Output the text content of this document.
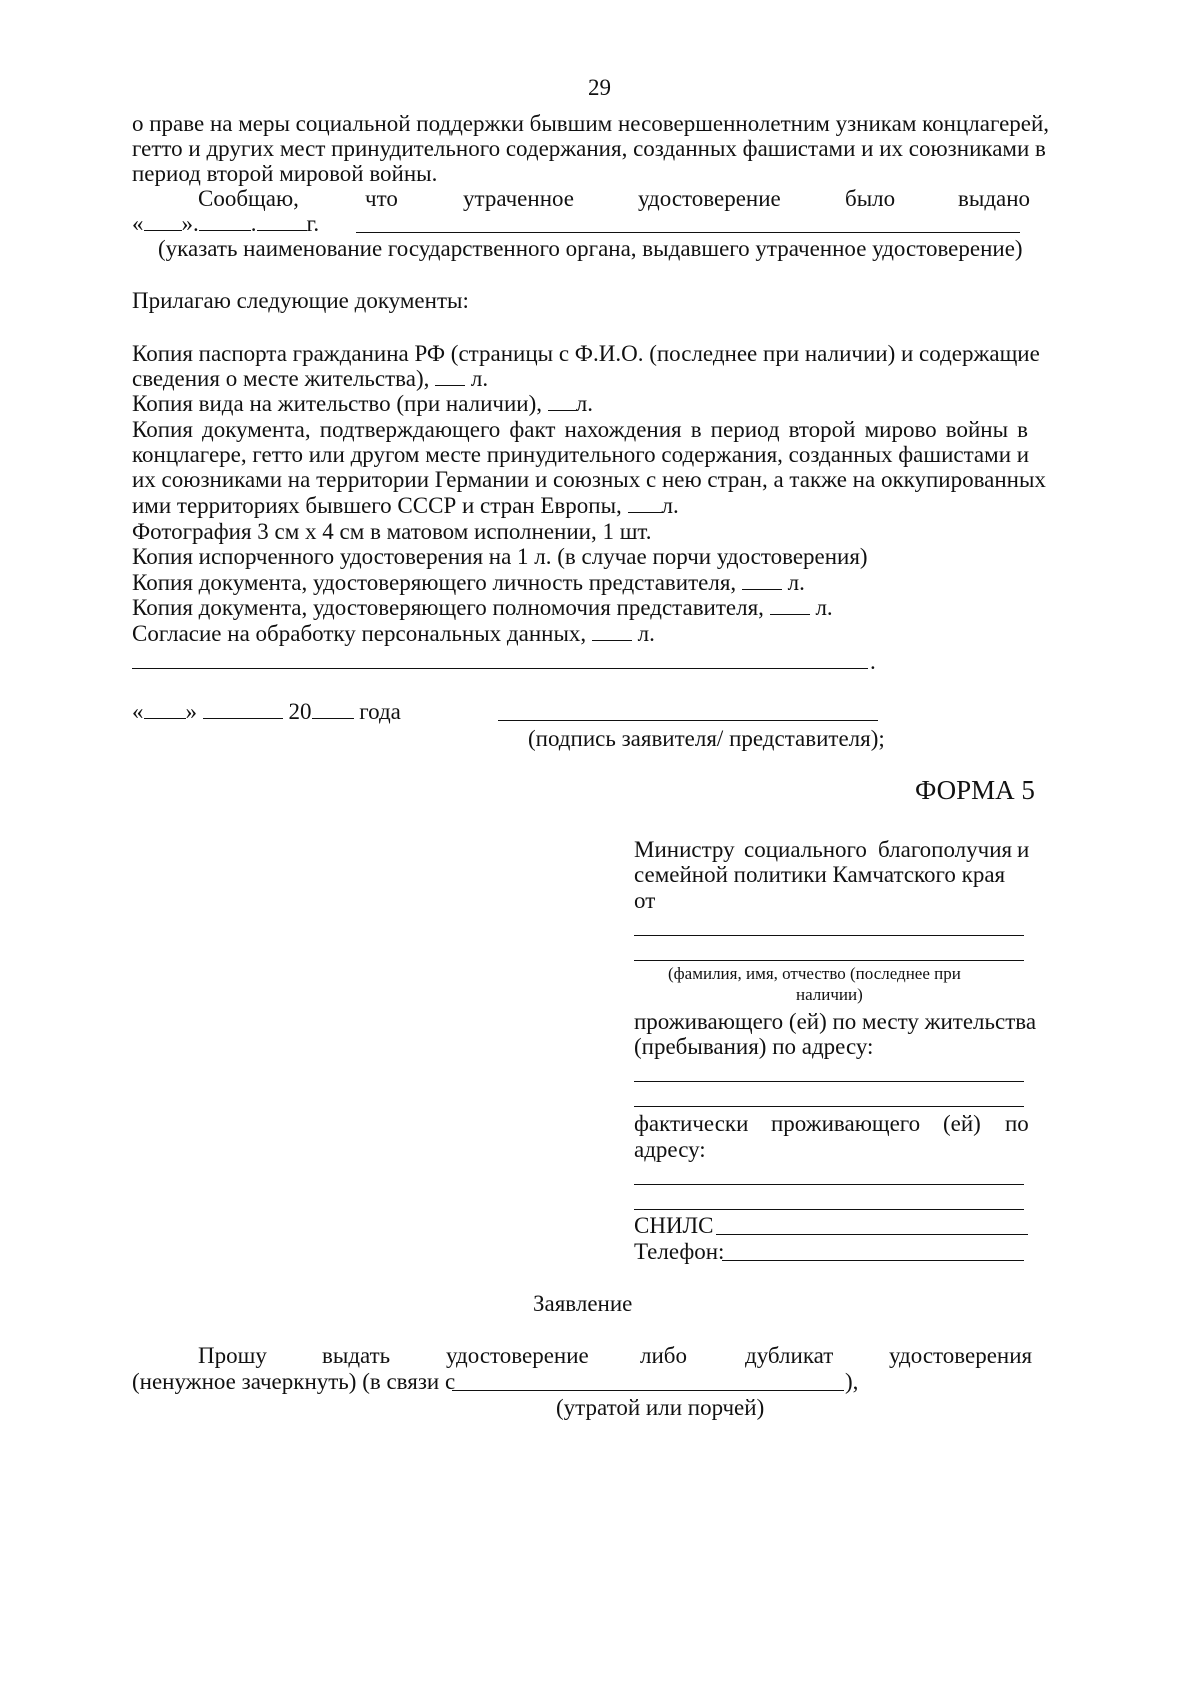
29
о праве на меры социальной поддержки бывшим несовершеннолетним узникам концлагерей,
гетто и других мест принудительного содержания, созданных фашистами и их союзниками в
период второй мировой войны.
Сообщаю,	что	утраченное	удостоверение	было	выдано
« ». . г.
(указать наименование государственного органа, выдавшего утраченное удостоверение)
Прилагаю следующие документы:
Копия паспорта гражданина РФ (страницы с Ф.И.О. (последнее при наличии) и содержащие
сведения о месте жительства), л.
Копия вида на жительство (при наличии), л.
Копия документа, подтверждающего факт нахождения в период второй мирово войны в
концлагере, гетто или другом месте принудительного содержания, созданных фашистами и
их союзниками на территории Германии и союзных с нею стран, а также на оккупированных
ими территориях бывшего СССР и стран Европы, л.
Фотография 3 см х 4 см в матовом исполнении, 1 шт.
Копия испорченного удостоверения на 1 л. (в случае порчи удостоверения)
Копия документа, удостоверяющего личность представителя, л.
Копия документа, удостоверяющего полномочия представителя, л.
Согласие на обработку персональных данных, л.
.
« »	20 года
(подпись заявителя/ представителя);
ФОРМА 5
Министру социального благополучия и
семейной политики Камчатского края
от
(фамилия, имя, отчество (последнее при
наличии)
проживающего (ей) по месту жительства
(пребывания) по адресу:
фактически проживающего (ей) по
адресу:
СНИЛС
Телефон:
Заявление
Прошу выдать удостоверение либо	дубликат удостоверения
(ненужное зачеркнуть) (в связи с	),
(утратой или порчей)
